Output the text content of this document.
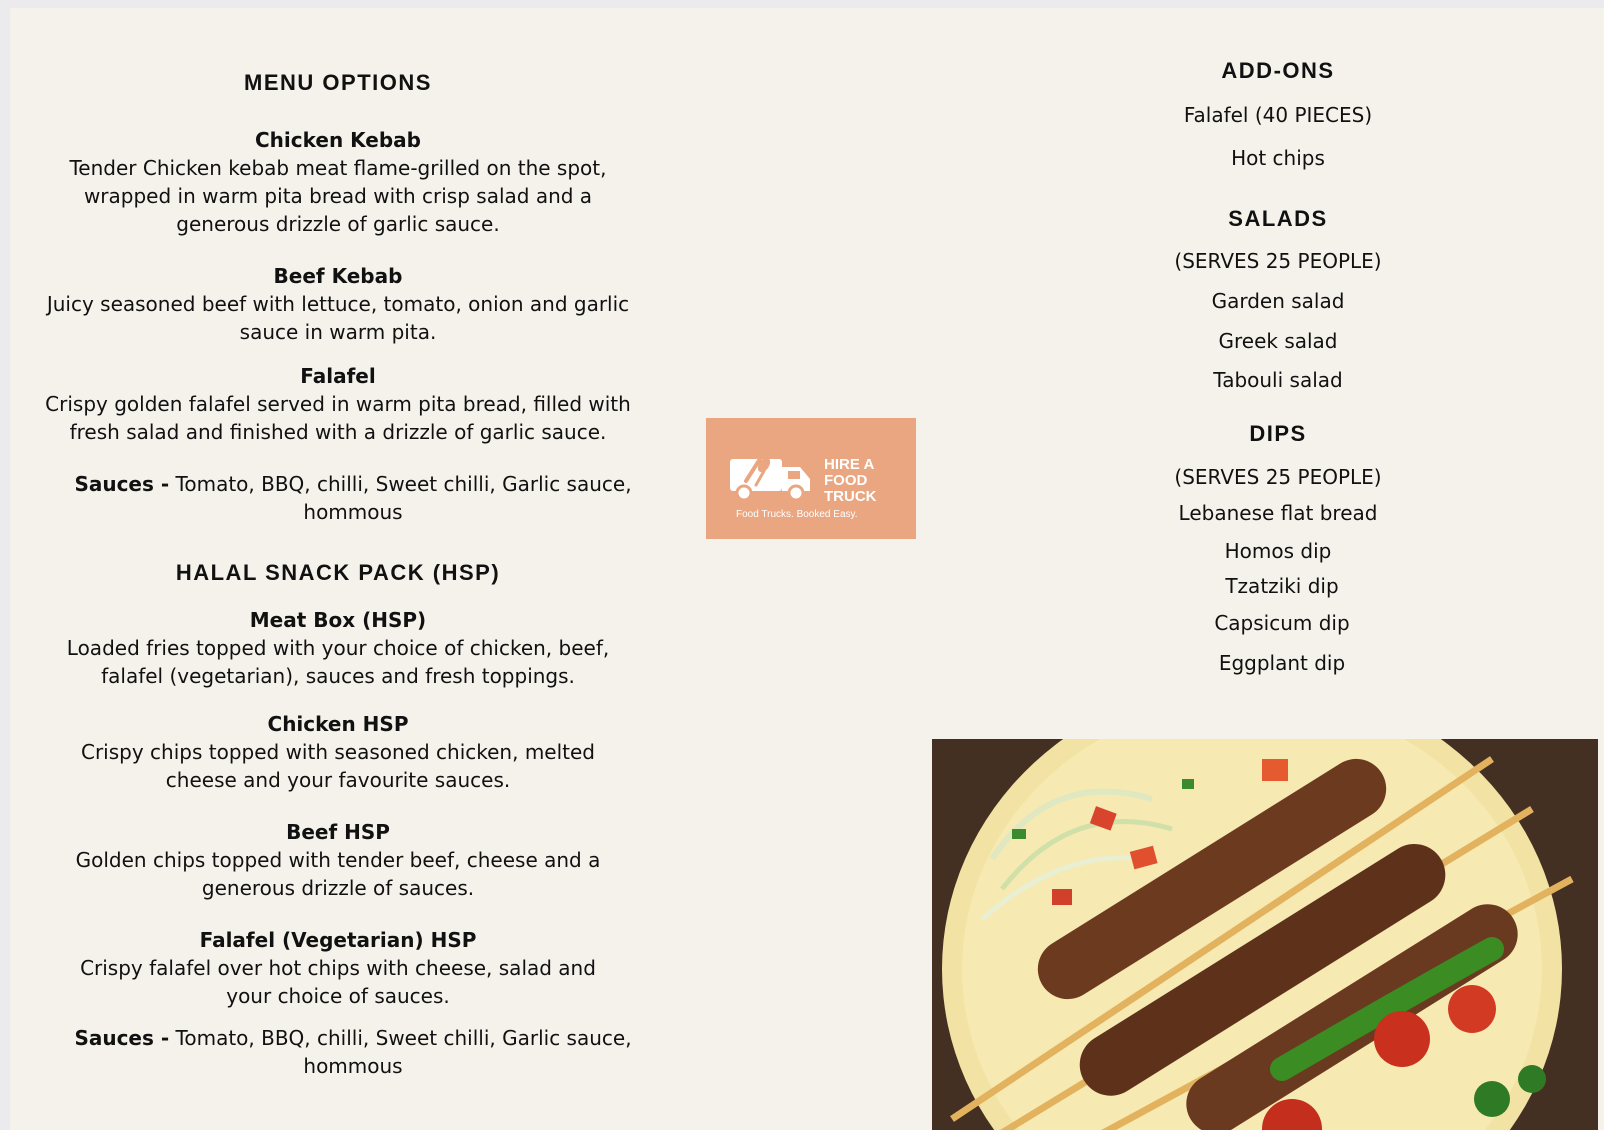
MENU OPTIONS
Chicken Kebab
Tender Chicken kebab meat flame-grilled on the spot, wrapped in warm pita bread with crisp salad and a generous drizzle of garlic sauce.
Beef Kebab
Juicy seasoned beef with lettuce, tomato, onion and garlic sauce in warm pita.
Falafel
Crispy golden falafel served in warm pita bread, filled with fresh salad and finished with a drizzle of garlic sauce.
Sauces - Tomato, BBQ, chilli, Sweet chilli, Garlic sauce, hommous
HALAL SNACK PACK (HSP)
Meat Box (HSP)
Loaded fries topped with your choice of chicken, beef, falafel (vegetarian), sauces and fresh toppings.
Chicken HSP
Crispy chips topped with seasoned chicken, melted cheese and your favourite sauces.
Beef HSP
Golden chips topped with tender beef, cheese and a generous drizzle of sauces.
Falafel (Vegetarian) HSP
Crispy falafel over hot chips with cheese, salad and your choice of sauces.
Sauces - Tomato, BBQ, chilli, Sweet chilli, Garlic sauce, hommous
HIRE A
FOOD
TRUCK
Food Trucks. Booked Easy.
ADD-ONS
Falafel (40 PIECES)
Hot chips
SALADS
(SERVES 25 PEOPLE)
Garden salad
Greek salad
Tabouli salad
DIPS
(SERVES 25 PEOPLE)
Lebanese flat bread
Homos dip
Tzatziki dip
Capsicum dip
Eggplant dip
